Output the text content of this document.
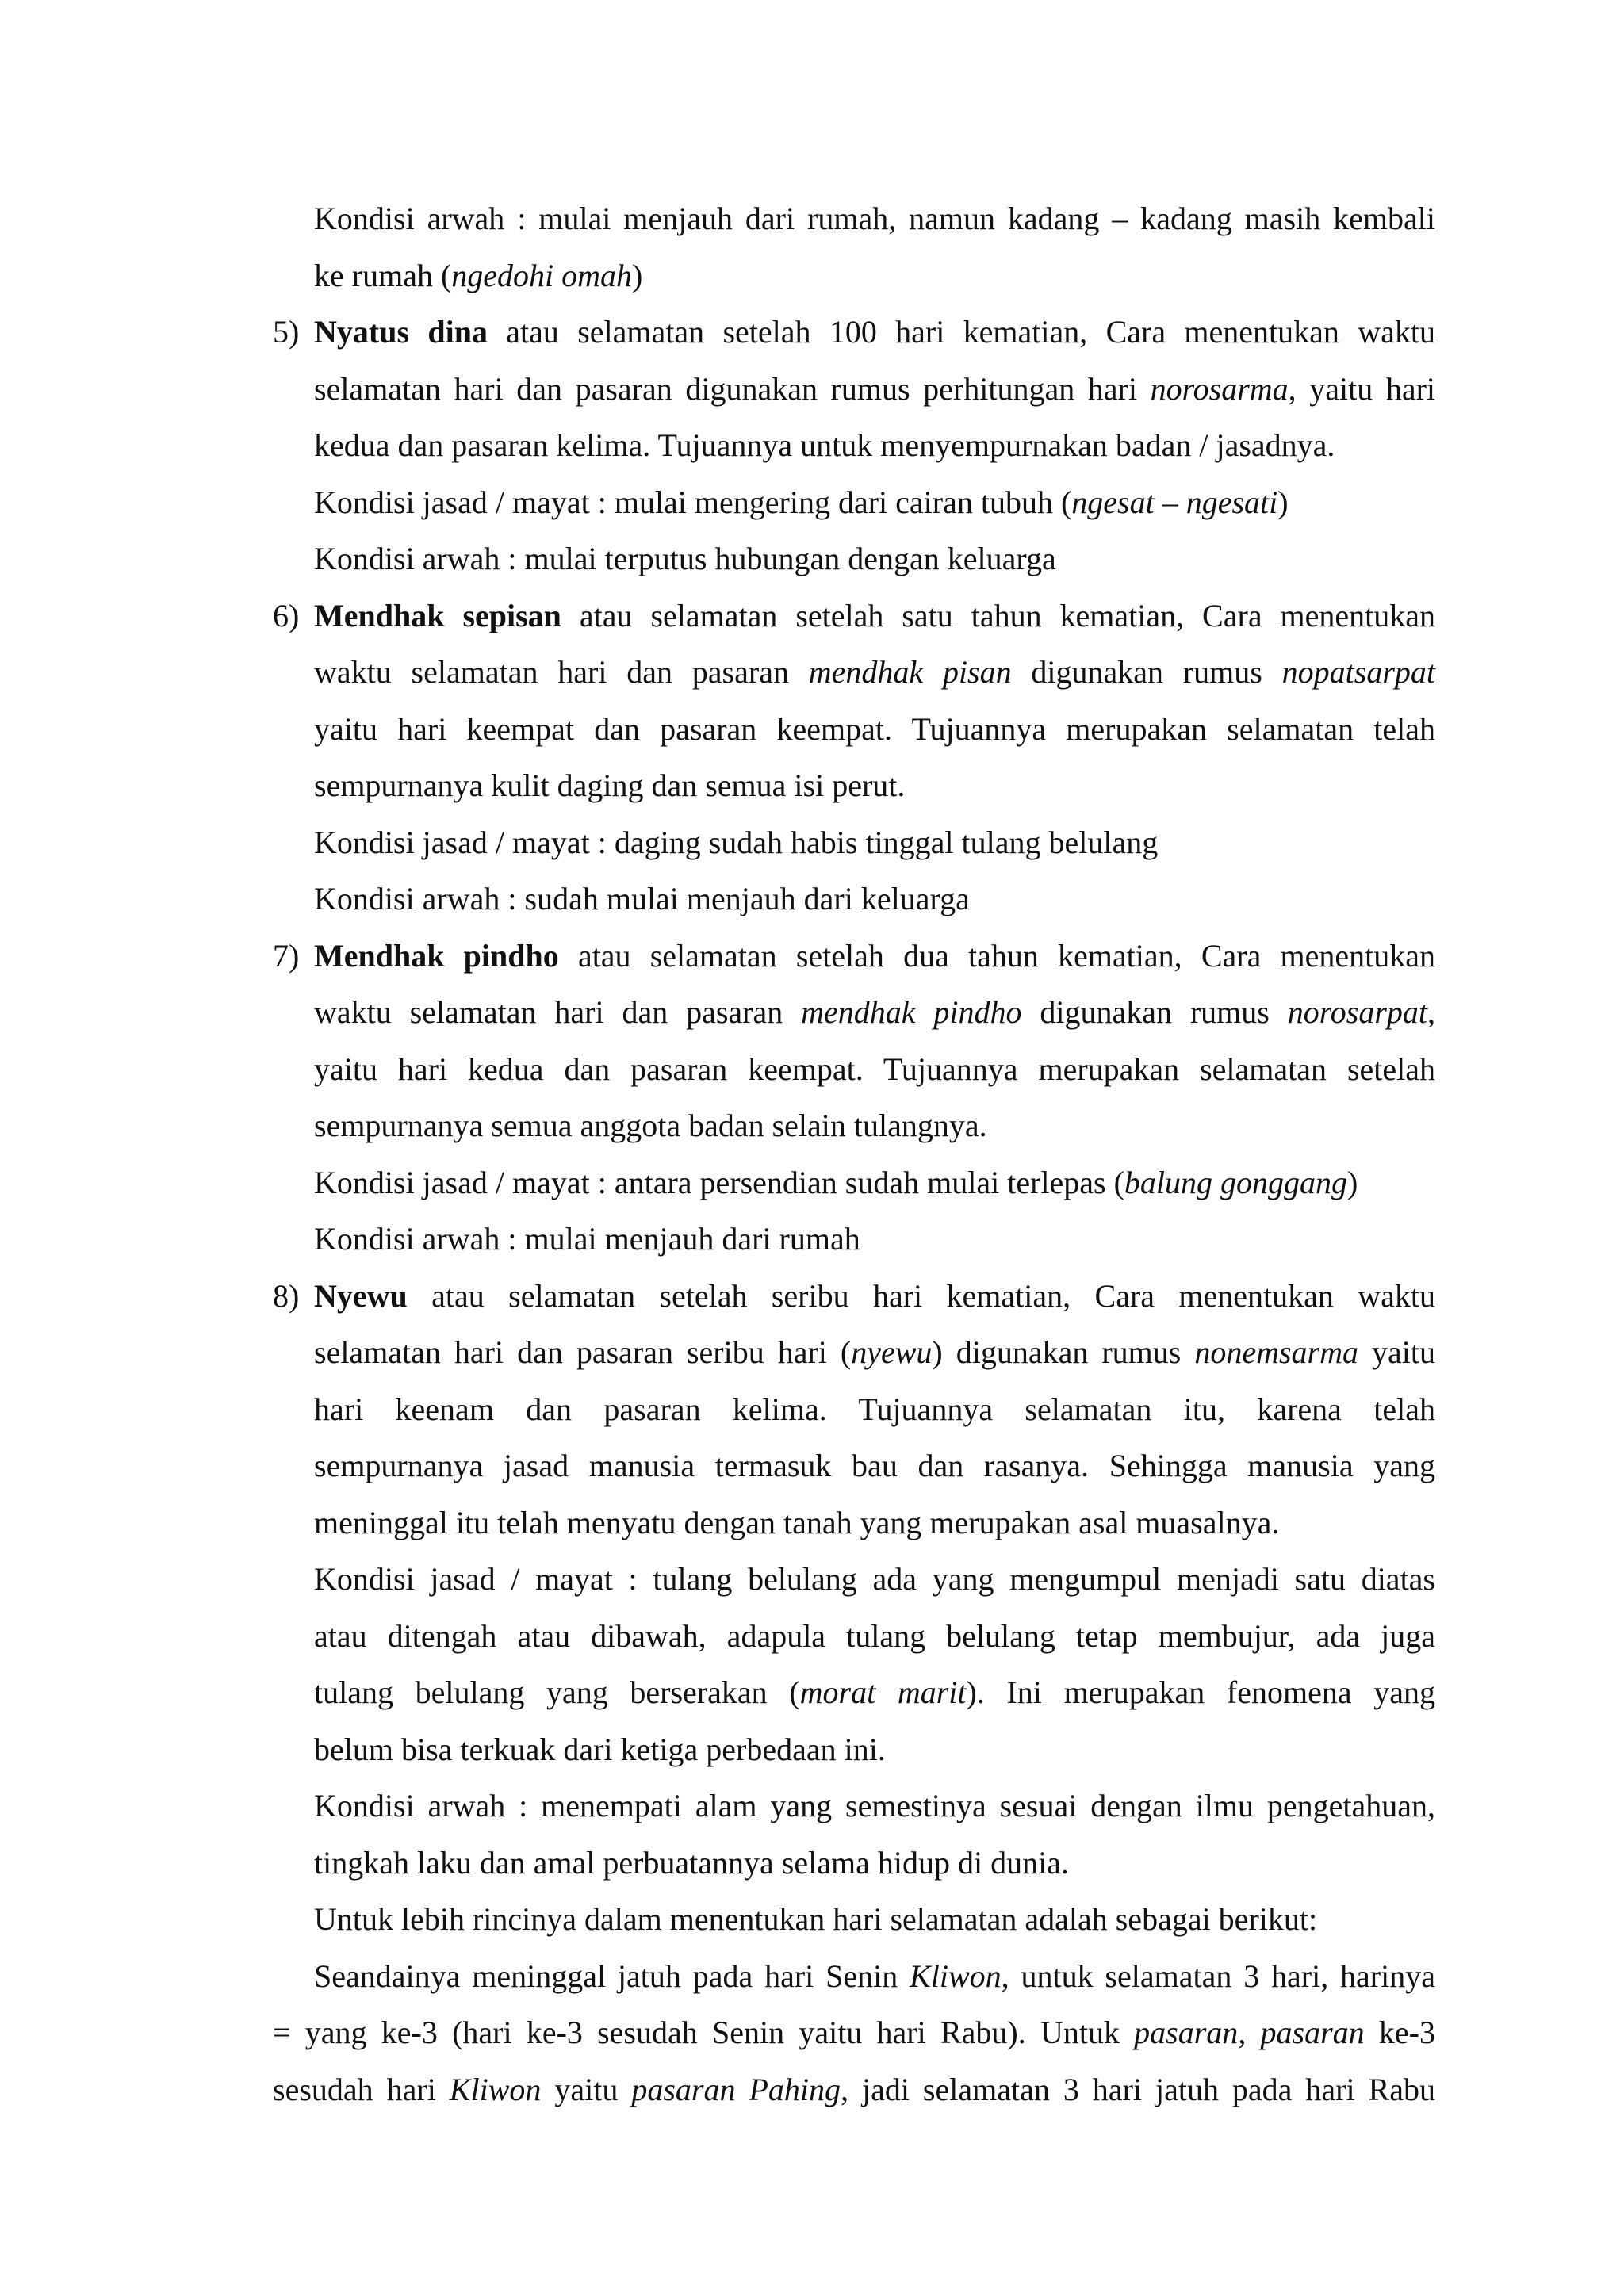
Kondisi arwah : mulai menjauh dari rumah, namun kadang – kadang masih kembali
ke rumah (ngedohi omah)
5) Nyatus dina atau selamatan setelah 100 hari kematian, Cara menentukan waktu
selamatan hari dan pasaran digunakan rumus perhitungan hari norosarma, yaitu hari
kedua dan pasaran kelima. Tujuannya untuk menyempurnakan badan / jasadnya.
Kondisi jasad / mayat : mulai mengering dari cairan tubuh (ngesat – ngesati)
Kondisi arwah : mulai terputus hubungan dengan keluarga
6) Mendhak sepisan atau selamatan setelah satu tahun kematian, Cara menentukan
waktu selamatan hari dan pasaran mendhak pisan digunakan rumus nopatsarpat
yaitu hari keempat dan pasaran keempat. Tujuannya merupakan selamatan telah
sempurnanya kulit daging dan semua isi perut.
Kondisi jasad / mayat : daging sudah habis tinggal tulang belulang
Kondisi arwah : sudah mulai menjauh dari keluarga
7) Mendhak pindho atau selamatan setelah dua tahun kematian, Cara menentukan
waktu selamatan hari dan pasaran mendhak pindho digunakan rumus norosarpat,
yaitu hari kedua dan pasaran keempat. Tujuannya merupakan selamatan setelah
sempurnanya semua anggota badan selain tulangnya.
Kondisi jasad / mayat : antara persendian sudah mulai terlepas (balung gonggang)
Kondisi arwah : mulai menjauh dari rumah
8) Nyewu atau selamatan setelah seribu hari kematian, Cara menentukan waktu
selamatan hari dan pasaran seribu hari (nyewu) digunakan rumus nonemsarma yaitu
hari keenam dan pasaran kelima. Tujuannya selamatan itu, karena telah
sempurnanya jasad manusia termasuk bau dan rasanya. Sehingga manusia yang
meninggal itu telah menyatu dengan tanah yang merupakan asal muasalnya.
Kondisi jasad / mayat : tulang belulang ada yang mengumpul menjadi satu diatas
atau ditengah atau dibawah, adapula tulang belulang tetap membujur, ada juga
tulang belulang yang berserakan (morat marit). Ini merupakan fenomena yang
belum bisa terkuak dari ketiga perbedaan ini.
Kondisi arwah : menempati alam yang semestinya sesuai dengan ilmu pengetahuan,
tingkah laku dan amal perbuatannya selama hidup di dunia.
Untuk lebih rincinya dalam menentukan hari selamatan adalah sebagai berikut:
Seandainya meninggal jatuh pada hari Senin Kliwon, untuk selamatan 3 hari, harinya
= yang ke-3 (hari ke-3 sesudah Senin yaitu hari Rabu). Untuk pasaran, pasaran ke-3
sesudah hari Kliwon yaitu pasaran Pahing, jadi selamatan 3 hari jatuh pada hari Rabu
